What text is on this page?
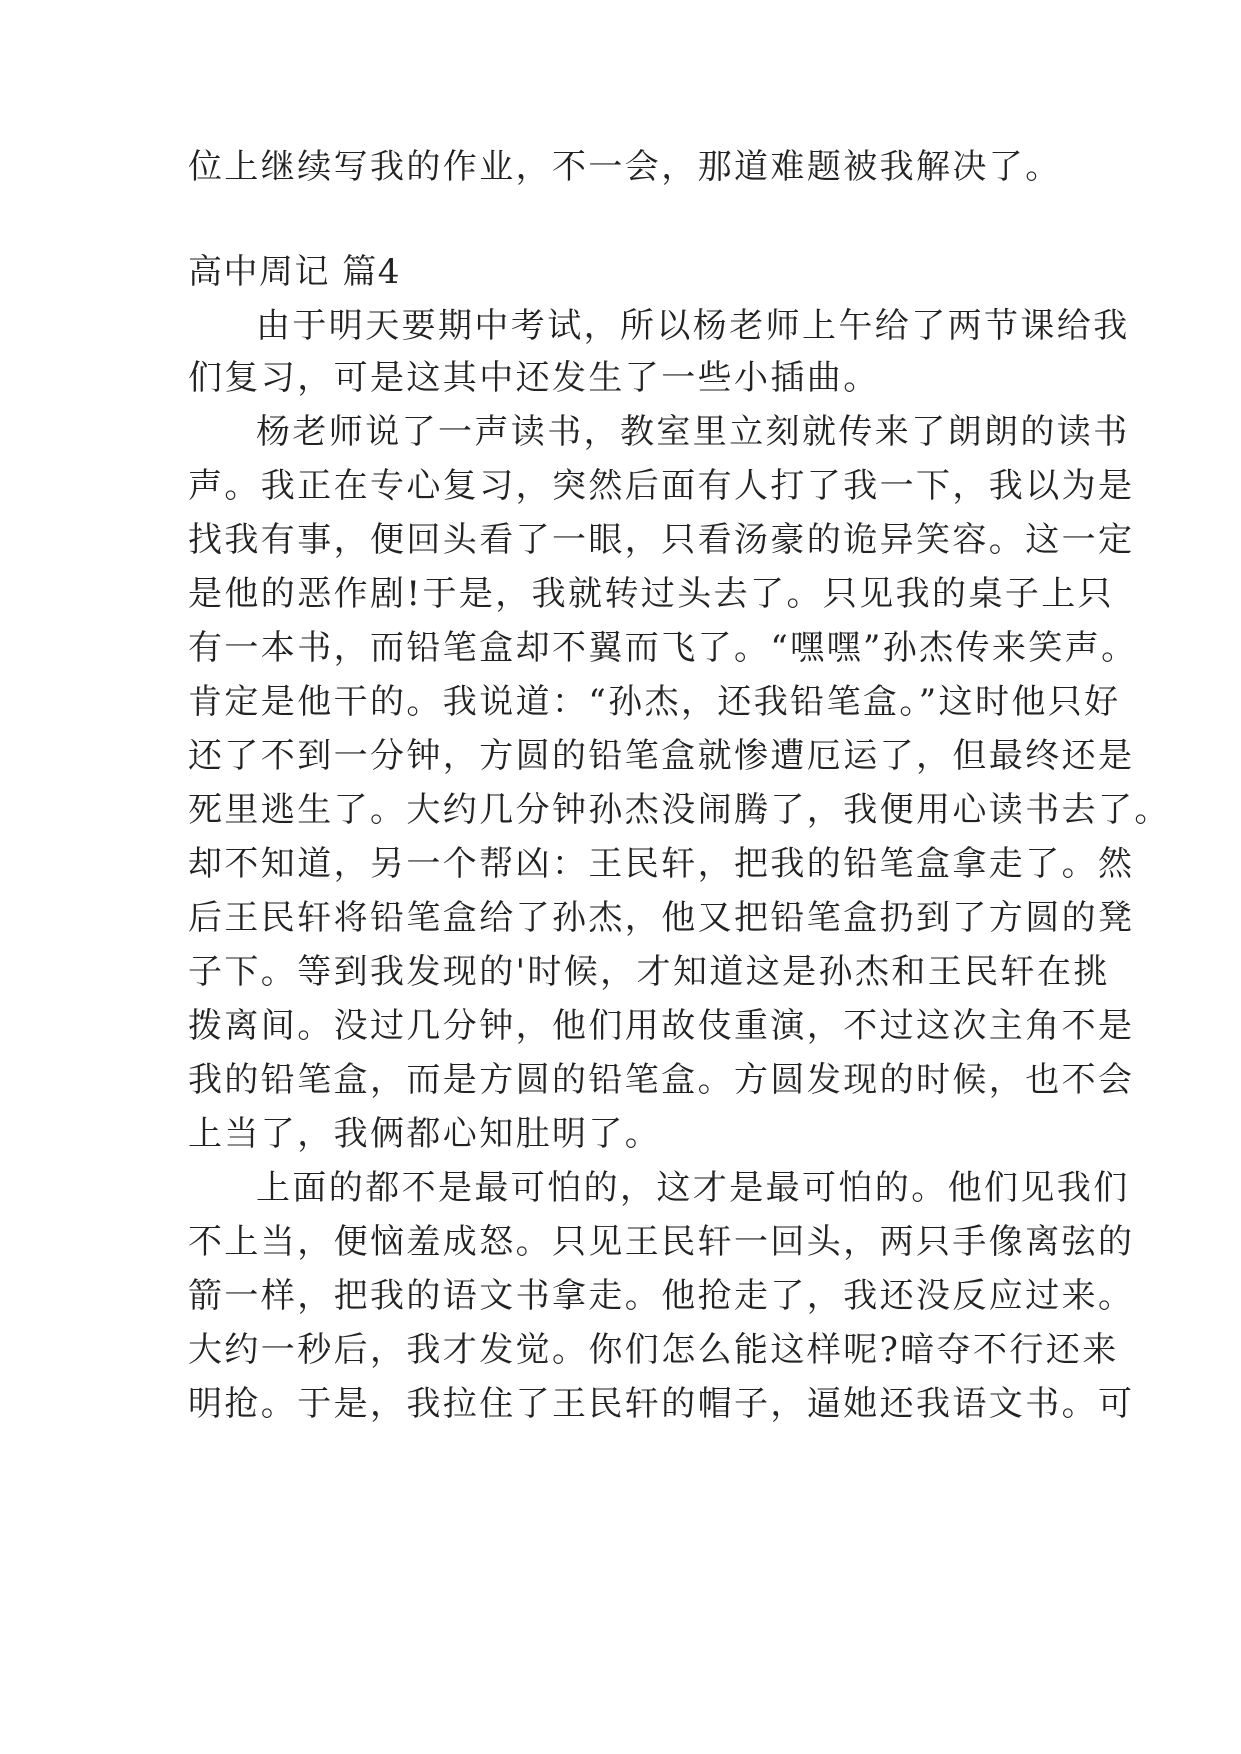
位上继续写我的作业，不一会，那道难题被我解决了。

高中周记 篇4

由于明天要期中考试，所以杨老师上午给了两节课给我

们复习，可是这其中还发生了一些小插曲。

杨老师说了一声读书，教室里立刻就传来了朗朗的读书

声。我正在专心复习，突然后面有人打了我一下，我以为是

找我有事，便回头看了一眼，只看汤豪的诡异笑容。这一定

是他的恶作剧!于是，我就转过头去了。只见我的桌子上只

有一本书，而铅笔盒却不翼而飞了。“嘿嘿”孙杰传来笑声。

肯定是他干的。我说道：“孙杰，还我铅笔盒。”这时他只好

还了不到一分钟，方圆的铅笔盒就惨遭厄运了，但最终还是

死里逃生了。大约几分钟孙杰没闹腾了，我便用心读书去了。

却不知道，另一个帮凶：王民轩，把我的铅笔盒拿走了。然

后王民轩将铅笔盒给了孙杰，他又把铅笔盒扔到了方圆的凳

子下。等到我发现的'时候，才知道这是孙杰和王民轩在挑

拨离间。没过几分钟，他们用故伎重演，不过这次主角不是

我的铅笔盒，而是方圆的铅笔盒。方圆发现的时候，也不会

上当了，我俩都心知肚明了。

上面的都不是最可怕的，这才是最可怕的。他们见我们

不上当，便恼羞成怒。只见王民轩一回头，两只手像离弦的

箭一样，把我的语文书拿走。他抢走了，我还没反应过来。

大约一秒后，我才发觉。你们怎么能这样呢?暗夺不行还来

明抢。于是，我拉住了王民轩的帽子，逼她还我语文书。可
